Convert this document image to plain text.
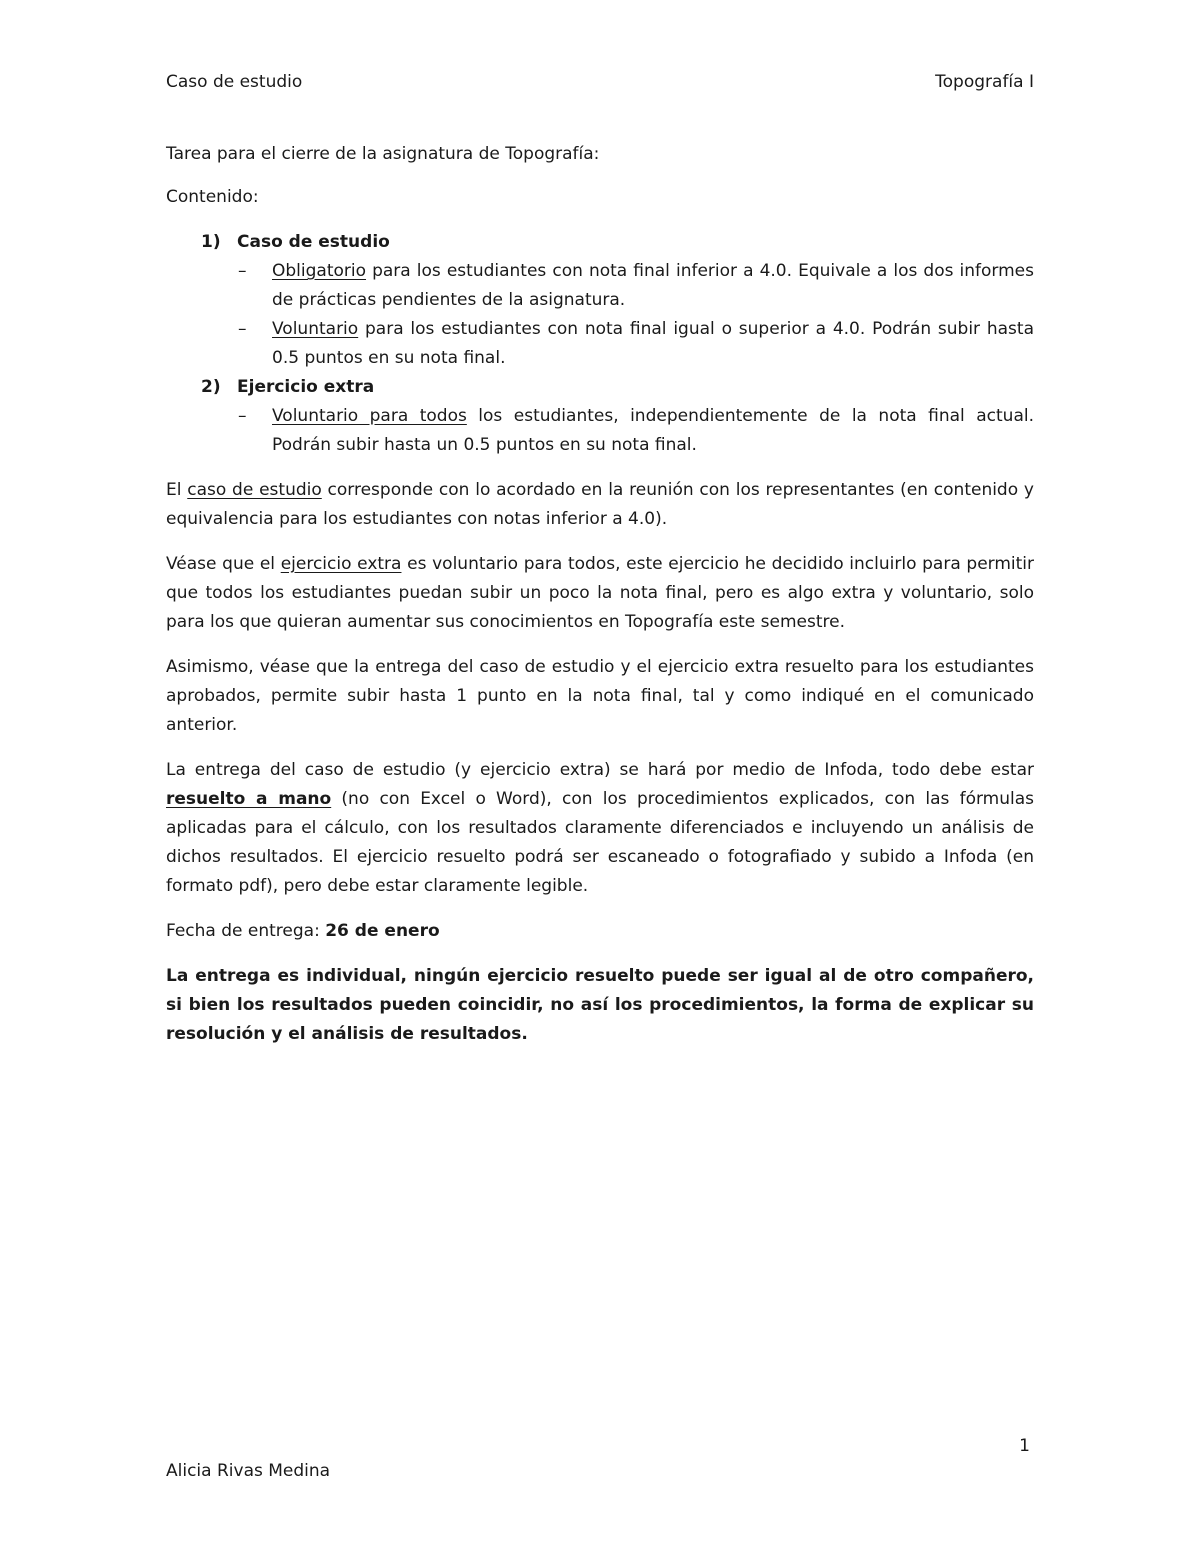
Caso de estudio	Topografía I

Tarea para el cierre de la asignatura de Topografía:

Contenido:

1) Caso de estudio
–	Obligatorio para los estudiantes con nota final inferior a 4.0. Equivale a los dos informes de prácticas pendientes de la asignatura.
–	Voluntario para los estudiantes con nota final igual o superior a 4.0. Podrán subir hasta 0.5 puntos en su nota final.
2) Ejercicio extra
–	Voluntario para todos los estudiantes, independientemente de la nota final actual. Podrán subir hasta un 0.5 puntos en su nota final.

El caso de estudio corresponde con lo acordado en la reunión con los representantes (en contenido y equivalencia para los estudiantes con notas inferior a 4.0).

Véase que el ejercicio extra es voluntario para todos, este ejercicio he decidido incluirlo para permitir que todos los estudiantes puedan subir un poco la nota final, pero es algo extra y voluntario, solo para los que quieran aumentar sus conocimientos en Topografía este semestre.

Asimismo, véase que la entrega del caso de estudio y el ejercicio extra resuelto para los estudiantes aprobados, permite subir hasta 1 punto en la nota final, tal y como indiqué en el comunicado anterior.

La entrega del caso de estudio (y ejercicio extra) se hará por medio de Infoda, todo debe estar resuelto a mano (no con Excel o Word), con los procedimientos explicados, con las fórmulas aplicadas para el cálculo, con los resultados claramente diferenciados e incluyendo un análisis de dichos resultados. El ejercicio resuelto podrá ser escaneado o fotografiado y subido a Infoda (en formato pdf), pero debe estar claramente legible.

Fecha de entrega: 26 de enero

La entrega es individual, ningún ejercicio resuelto puede ser igual al de otro compañero, si bien los resultados pueden coincidir, no así los procedimientos, la forma de explicar su resolución y el análisis de resultados.

1
Alicia Rivas Medina
